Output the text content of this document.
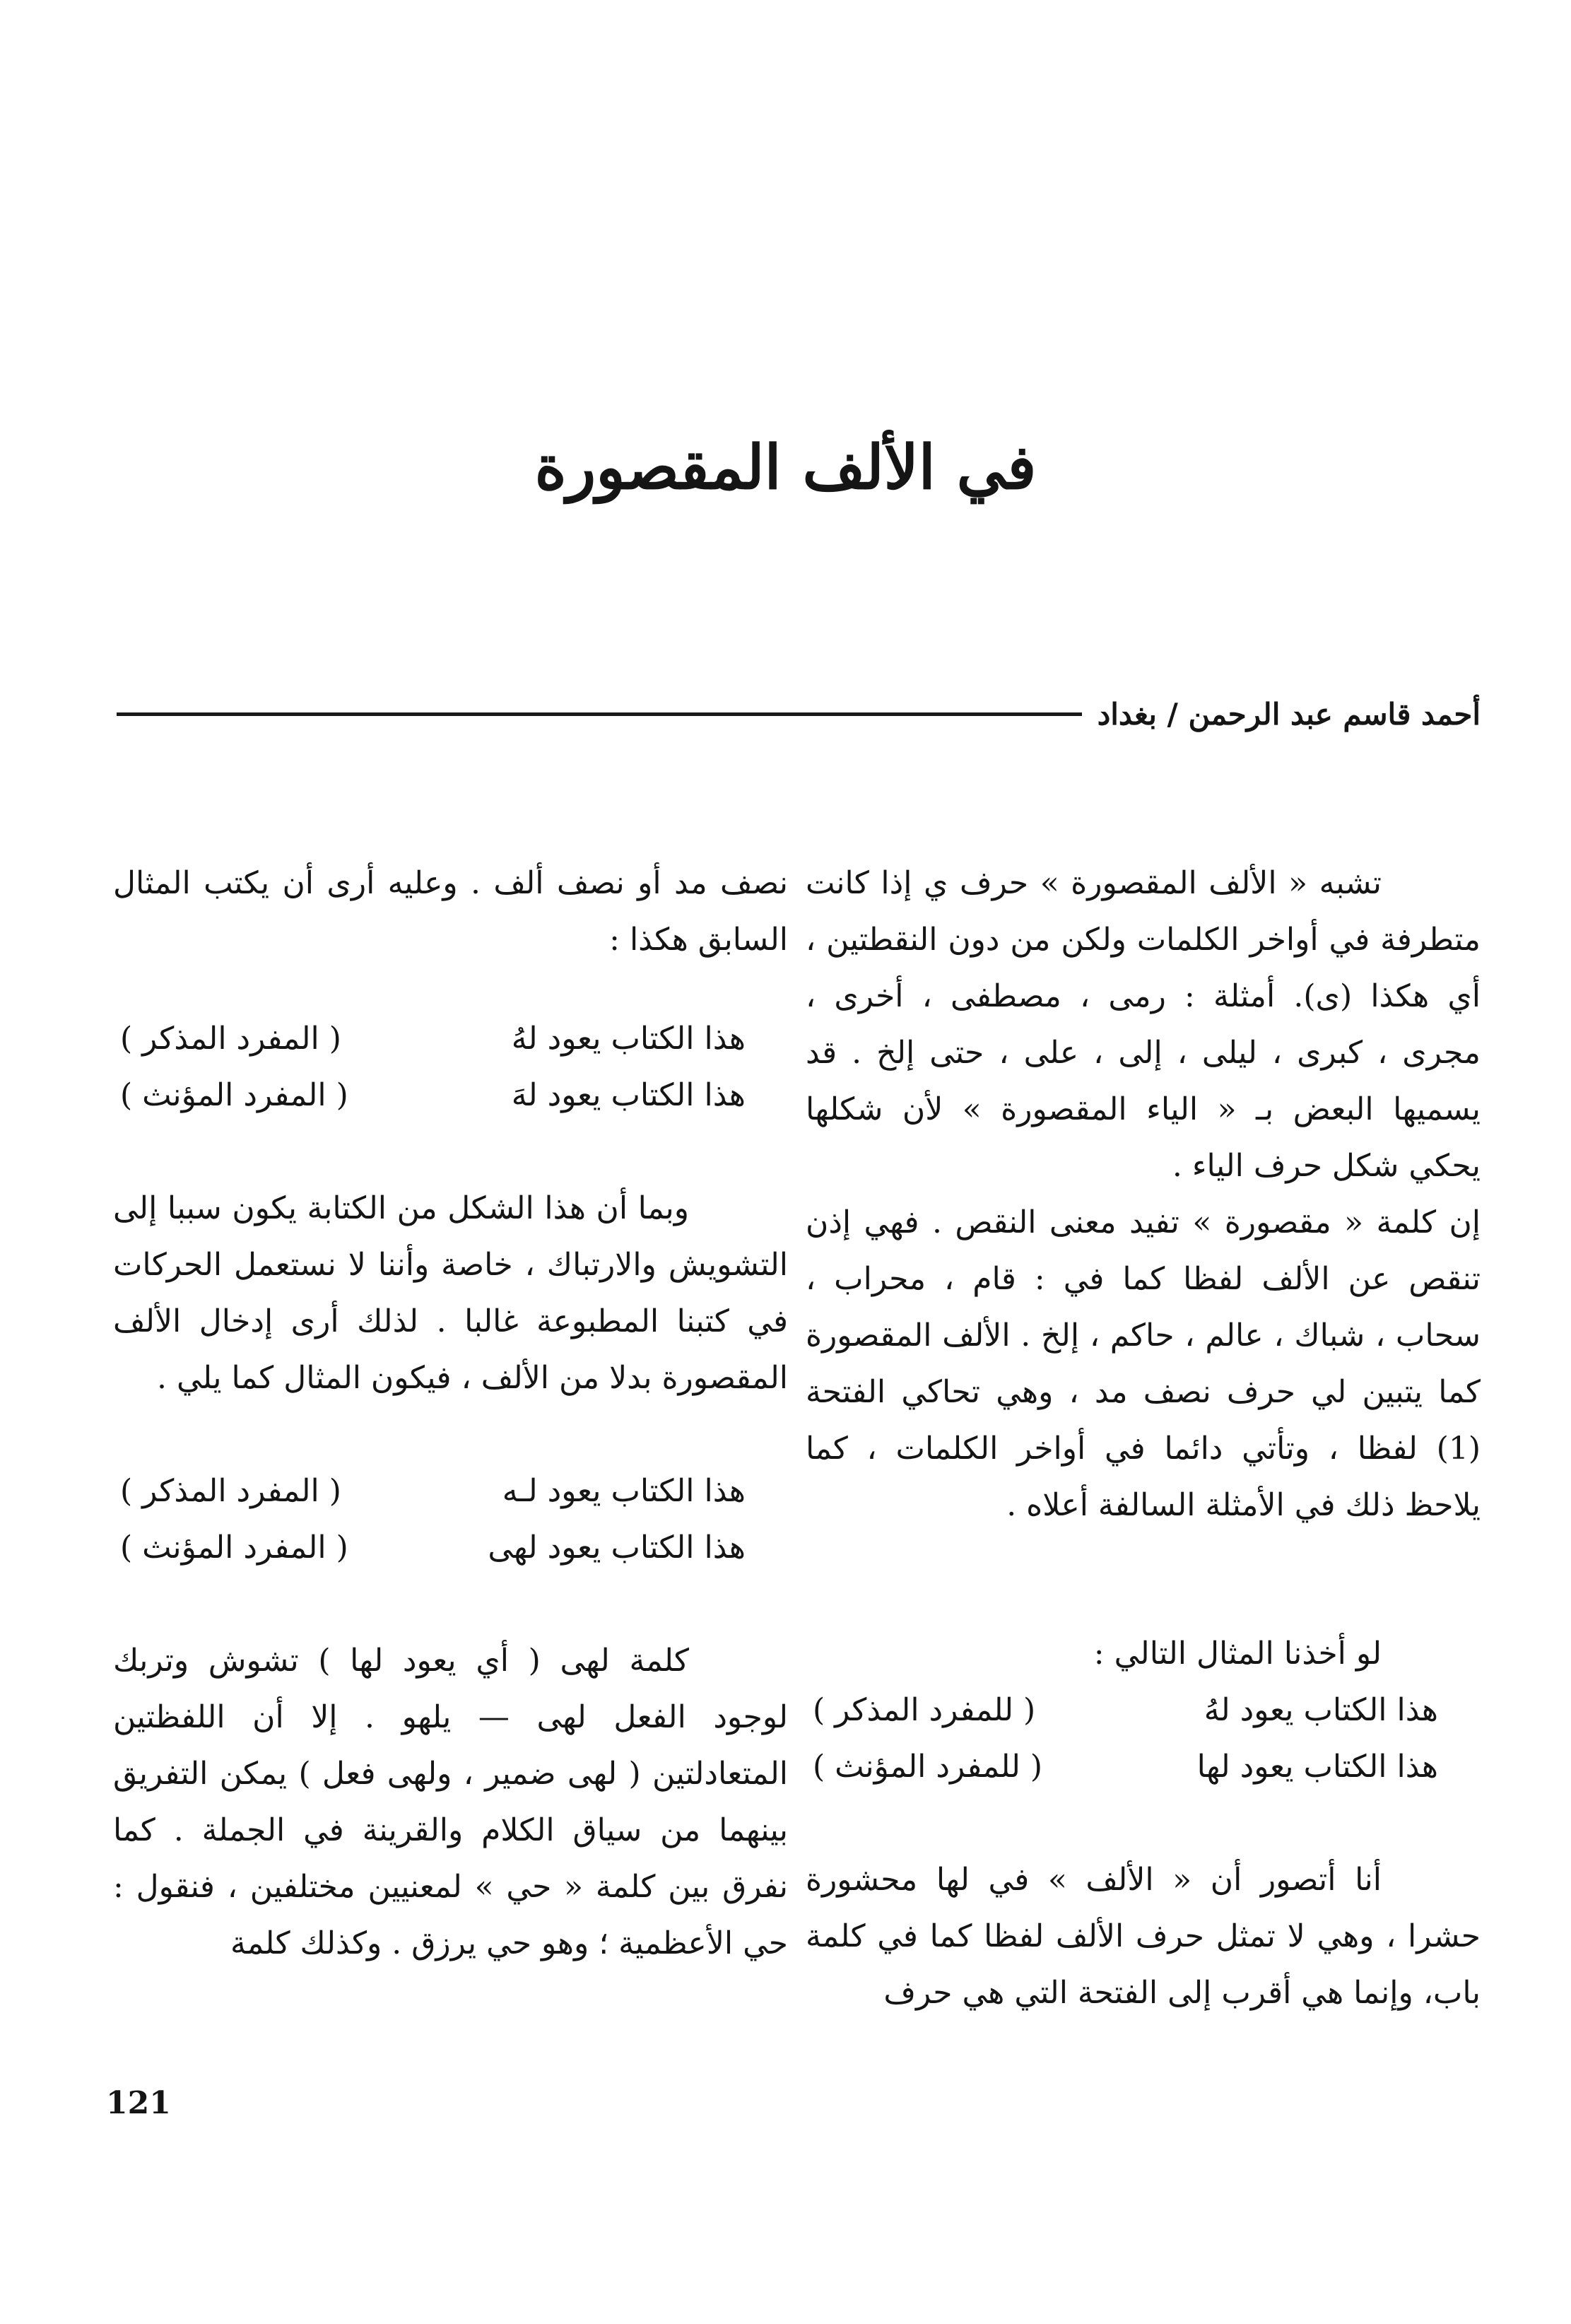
في الألف المقصورة
أحمد قاسم عبد الرحمن / بغداد

تشبه « الألف المقصورة » حرف ي إذا كانت متطرفة في أواخر الكلمات ولكن من دون النقطتين ، أي هكذا (ى). أمثلة : رمى ، مصطفى ، أخرى ، مجرى ، كبرى ، ليلى ، إلى ، على ، حتى إلخ . قد يسميها البعض بـ « الياء المقصورة » لأن شكلها يحكي شكل حرف الياء .

إن كلمة « مقصورة » تفيد معنى النقص . فهي إذن تنقص عن الألف لفظا كما في : قام ، محراب ، سحاب ، شباك ، عالم ، حاكم ، إلخ . الألف المقصورة كما يتبين لي حرف نصف مد ، وهي تحاكي الفتحة (1) لفظا ، وتأتي دائما في أواخر الكلمات ، كما يلاحظ ذلك في الأمثلة السالفة أعلاه .

لو أخذنا المثال التالي :

هذا الكتاب يعود لهُ
( للمفرد المذكر )
هذا الكتاب يعود لها
( للمفرد المؤنث )

أنا أتصور أن « الألف » في لها محشورة حشرا ، وهي لا تمثل حرف الألف لفظا كما في كلمة باب، وإنما هي أقرب إلى الفتحة التي هي حرف

نصف مد أو نصف ألف . وعليه أرى أن يكتب المثال السابق هكذا :

هذا الكتاب يعود لهُ
( المفرد المذكر )
هذا الكتاب يعود لهَ
( المفرد المؤنث )

وبما أن هذا الشكل من الكتابة يكون سببا إلى التشويش والارتباك ، خاصة وأننا لا نستعمل الحركات في كتبنا المطبوعة غالبا . لذلك أرى إدخال الألف المقصورة بدلا من الألف ، فيكون المثال كما يلي .

هذا الكتاب يعود لـه
( المفرد المذكر )
هذا الكتاب يعود لهى
( المفرد المؤنث )

كلمة لهى ( أي يعود لها ) تشوش وتربك لوجود الفعل لهى — يلهو . إلا أن اللفظتين المتعادلتين ( لهى ضمير ، ولهى فعل ) يمكن التفريق بينهما من سياق الكلام والقرينة في الجملة . كما نفرق بين كلمة « حي » لمعنيين مختلفين ، فنقول : حي الأعظمية ؛ وهو حي يرزق . وكذلك كلمة

121
